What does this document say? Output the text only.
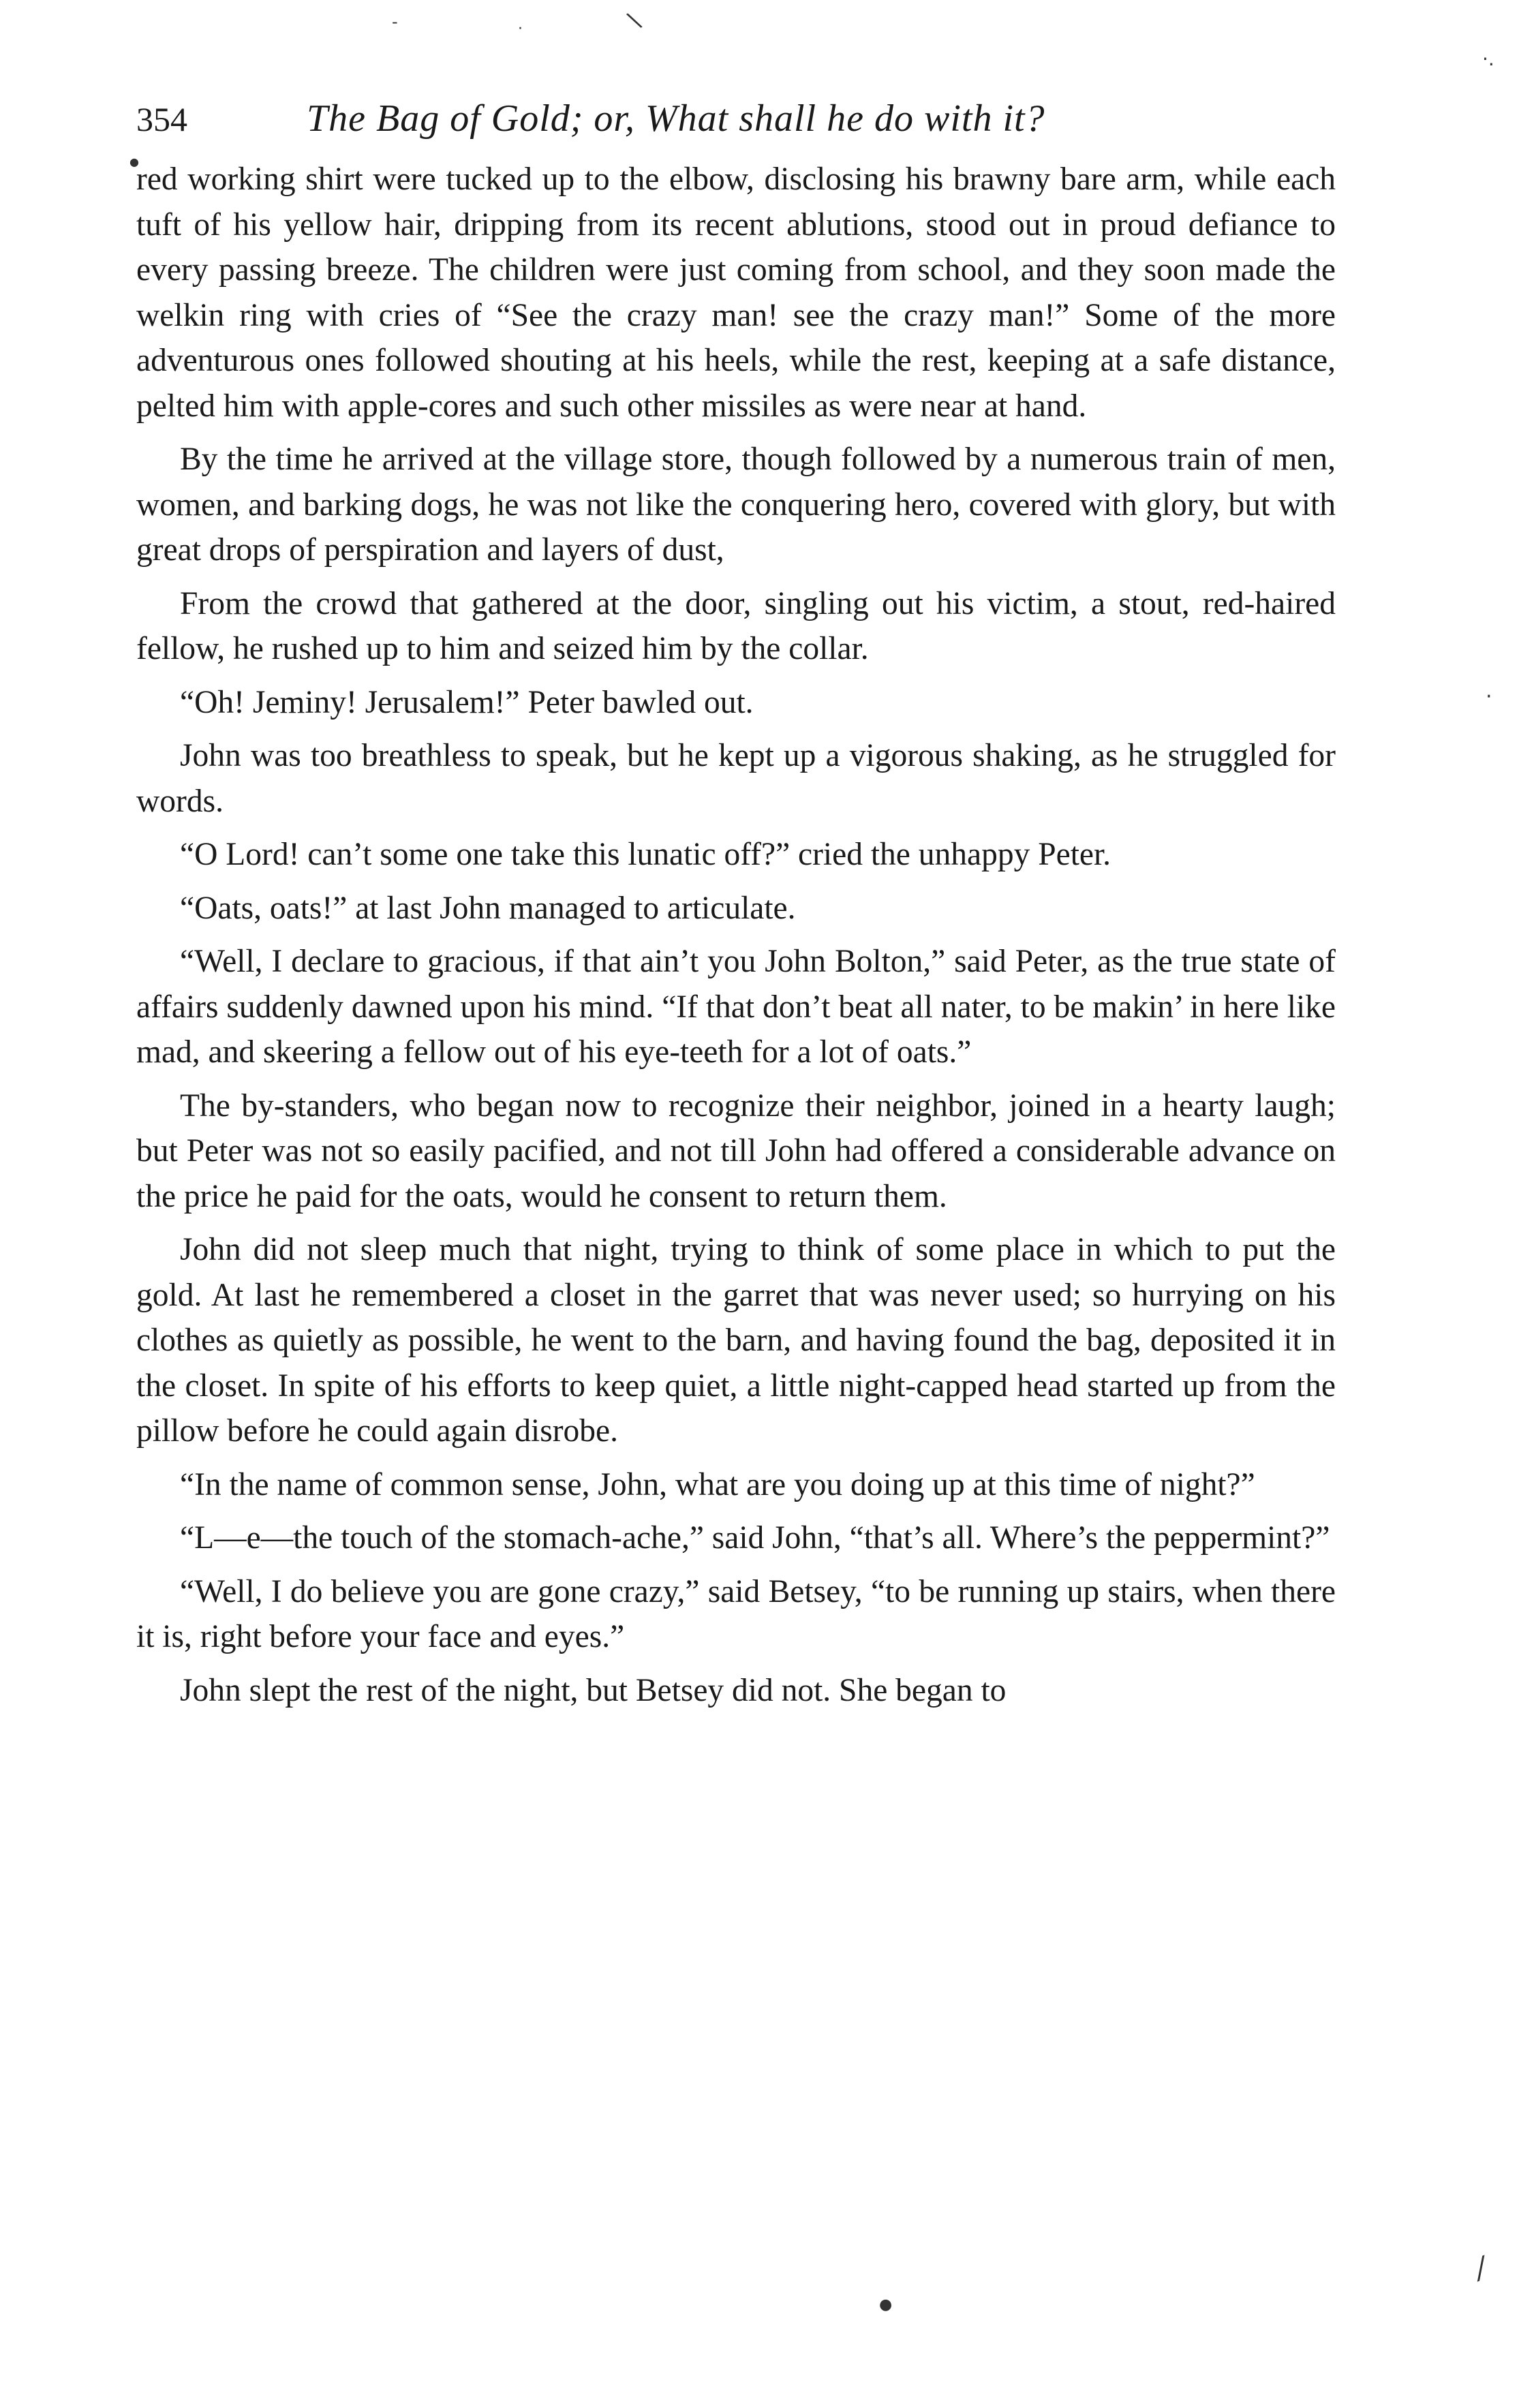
-	·	\
·.
·
●
⁄
●
354	The Bag of Gold; or, What shall he do with it?

red working shirt were tucked up to the elbow, disclosing his brawny bare arm, while each tuft of his yellow hair, dripping from its recent ablutions, stood out in proud defiance to every passing breeze. The children were just coming from school, and they soon made the welkin ring with cries of “See the crazy man! see the crazy man!” Some of the more adventurous ones followed shouting at his heels, while the rest, keeping at a safe distance, pelted him with apple-cores and such other missiles as were near at hand.

By the time he arrived at the village store, though followed by a numerous train of men, women, and barking dogs, he was not like the conquering hero, covered with glory, but with great drops of perspiration and layers of dust,

From the crowd that gathered at the door, singling out his victim, a stout, red-haired fellow, he rushed up to him and seized him by the collar.

“Oh! Jeminy! Jerusalem!” Peter bawled out.

John was too breathless to speak, but he kept up a vigorous shaking, as he struggled for words.

“O Lord! can’t some one take this lunatic off?” cried the unhappy Peter.

“Oats, oats!” at last John managed to articulate.

“Well, I declare to gracious, if that ain’t you John Bolton,” said Peter, as the true state of affairs suddenly dawned upon his mind. “If that don’t beat all nater, to be makin’ in here like mad, and skeering a fellow out of his eye-teeth for a lot of oats.”

The by-standers, who began now to recognize their neighbor, joined in a hearty laugh; but Peter was not so easily pacified, and not till John had offered a considerable advance on the price he paid for the oats, would he consent to return them.

John did not sleep much that night, trying to think of some place in which to put the gold. At last he remembered a closet in the garret that was never used; so hurrying on his clothes as quietly as possible, he went to the barn, and having found the bag, deposited it in the closet. In spite of his efforts to keep quiet, a little night-capped head started up from the pillow before he could again disrobe.

“In the name of common sense, John, what are you doing up at this time of night?”

“L—e—the touch of the stomach-ache,” said John, “that’s all. Where’s the peppermint?”

“Well, I do believe you are gone crazy,” said Betsey, “to be running up stairs, when there it is, right before your face and eyes.”

John slept the rest of the night, but Betsey did not. She began to
